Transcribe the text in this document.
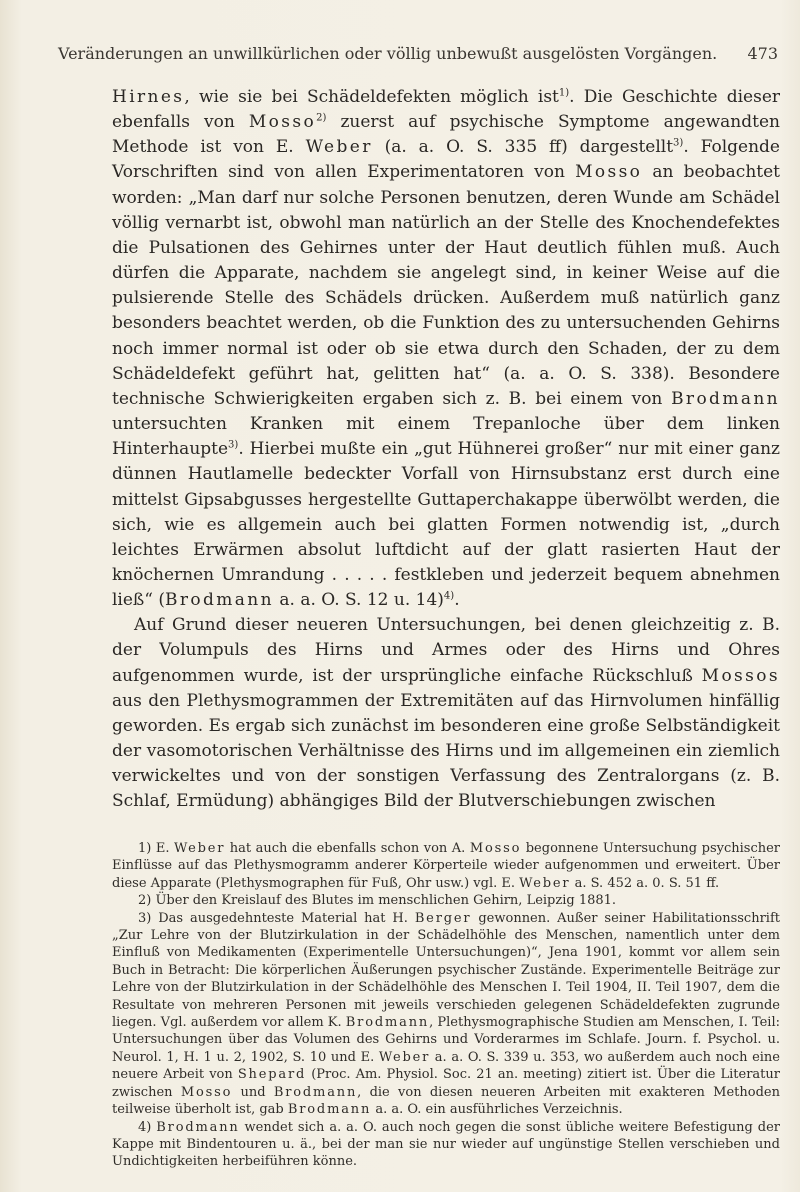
Veränderungen an unwillkürlichen oder völlig unbewußt ausgelösten Vorgängen. 473

Hirnes, wie sie bei Schädeldefekten möglich ist$^{1)}$. Die Geschichte dieser ebenfalls von Mosso$^{2)}$ zuerst auf psychische Symptome angewandten Methode ist von E. Weber (a. a. O. S. 335 ff) dargestellt$^{3)}$. Folgende Vorschriften sind von allen Experimentatoren von Mosso an beobachtet worden: „Man darf nur solche Personen benutzen, deren Wunde am Schädel völlig vernarbt ist, obwohl man natürlich an der Stelle des Knochendefektes die Pulsationen des Gehirnes unter der Haut deutlich fühlen muß. Auch dürfen die Apparate, nachdem sie angelegt sind, in keiner Weise auf die pulsierende Stelle des Schädels drücken. Außerdem muß natürlich ganz besonders beachtet werden, ob die Funktion des zu untersuchenden Gehirns noch immer normal ist oder ob sie etwa durch den Schaden, der zu dem Schädeldefekt geführt hat, gelitten hat“ (a. a. O. S. 338). Besondere technische Schwierigkeiten ergaben sich z. B. bei einem von Brodmann untersuchten Kranken mit einem Trepanloche über dem linken Hinterhaupte$^{3)}$. Hierbei mußte ein „gut Hühnerei großer“ nur mit einer ganz dünnen Hautlamelle bedeckter Vorfall von Hirnsubstanz erst durch eine mittelst Gipsabgusses hergestellte Guttaperchakappe überwölbt werden, die sich, wie es allgemein auch bei glatten Formen notwendig ist, „durch leichtes Erwärmen absolut luftdicht auf der glatt rasierten Haut der knöchernen Umrandung . . . . . festkleben und jederzeit bequem abnehmen ließ“ (Brodmann a. a. O. S. 12 u. 14)$^{4)}$.

Auf Grund dieser neueren Untersuchungen, bei denen gleichzeitig z. B. der Volumpuls des Hirns und Armes oder des Hirns und Ohres aufgenommen wurde, ist der ursprüngliche einfache Rückschluß Mossos aus den Plethysmogrammen der Extremitäten auf das Hirnvolumen hinfällig geworden. Es ergab sich zunächst im besonderen eine große Selbständigkeit der vasomotorischen Verhältnisse des Hirns und im allgemeinen ein ziemlich verwickeltes und von der sonstigen Verfassung des Zentralorgans (z. B. Schlaf, Ermüdung) abhängiges Bild der Blutverschiebungen zwischen

1) E. Weber hat auch die ebenfalls schon von A. Mosso begonnene Untersuchung psychischer Einflüsse auf das Plethysmogramm anderer Körperteile wieder aufgenommen und erweitert. Über diese Apparate (Plethysmographen für Fuß, Ohr usw.) vgl. E. Weber a. S. 452 a. 0. S. 51 ff.

2) Über den Kreislauf des Blutes im menschlichen Gehirn, Leipzig 1881.

3) Das ausgedehnteste Material hat H. Berger gewonnen. Außer seiner Habilitationsschrift „Zur Lehre von der Blutzirkulation in der Schädelhöhle des Menschen, namentlich unter dem Einfluß von Medikamenten (Experimentelle Untersuchungen)“, Jena 1901, kommt vor allem sein Buch in Betracht: Die körperlichen Äußerungen psychischer Zustände. Experimentelle Beiträge zur Lehre von der Blutzirkulation in der Schädelhöhle des Menschen I. Teil 1904, II. Teil 1907, dem die Resultate von mehreren Personen mit jeweils verschieden gelegenen Schädeldefekten zugrunde liegen. Vgl. außerdem vor allem K. Brodmann, Plethysmographische Studien am Menschen, I. Teil: Untersuchungen über das Volumen des Gehirns und Vorderarmes im Schlafe. Journ. f. Psychol. u. Neurol. 1, H. 1 u. 2, 1902, S. 10 und E. Weber a. a. O. S. 339 u. 353, wo außerdem auch noch eine neuere Arbeit von Shepard (Proc. Am. Physiol. Soc. 21 an. meeting) zitiert ist. Über die Literatur zwischen Mosso und Brodmann, die von diesen neueren Arbeiten mit exakteren Methoden teilweise überholt ist, gab Brodmann a. a. O. ein ausführliches Verzeichnis.

4) Brodmann wendet sich a. a. O. auch noch gegen die sonst übliche weitere Befestigung der Kappe mit Bindentouren u. ä., bei der man sie nur wieder auf ungünstige Stellen verschieben und Undichtigkeiten herbeiführen könne.
